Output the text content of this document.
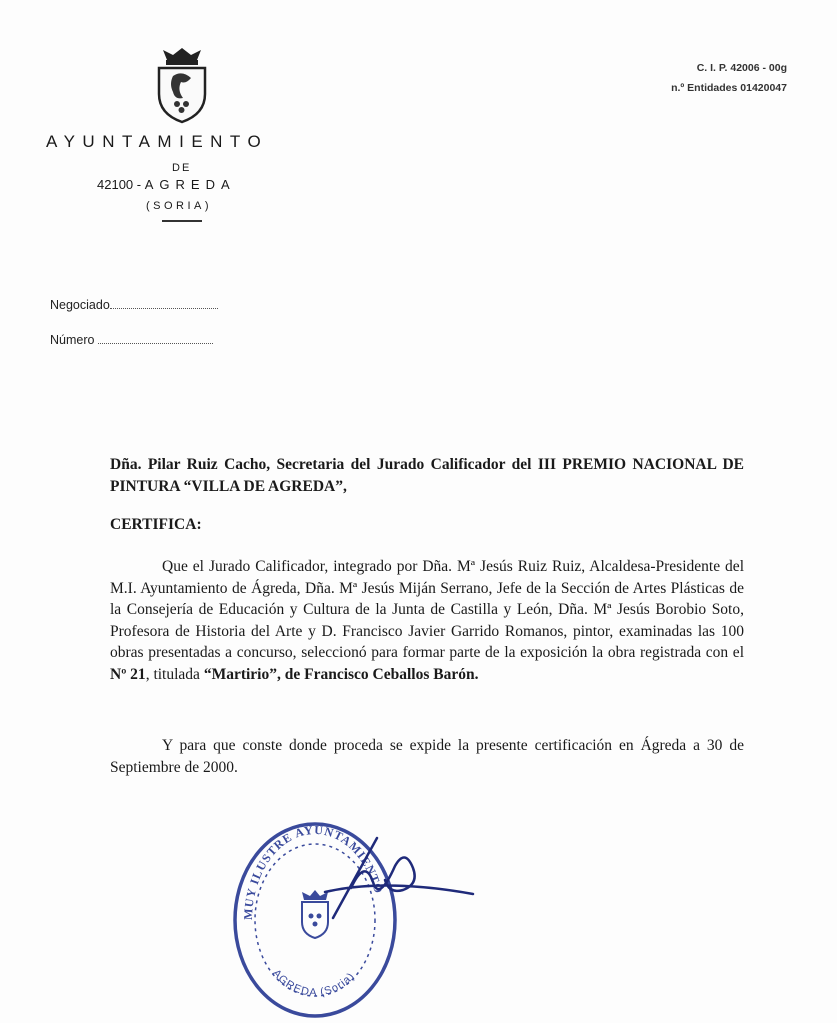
AYUNTAMIENTO
DE
42100 - AGREDA
(SORIA)
C. I. P. 42006 - 00g
n.º Entidades 01420047
Negociado
Número
Dña. Pilar Ruiz Cacho, Secretaria del Jurado Calificador del III PREMIO NACIONAL DE PINTURA “VILLA DE AGREDA”,
CERTIFICA:
Que el Jurado Calificador, integrado por Dña. Mª Jesús Ruiz Ruiz, Alcaldesa-Presidente del M.I. Ayuntamiento de Ágreda, Dña. Mª Jesús Miján Serrano, Jefe de la Sección de Artes Plásticas de la Consejería de Educación y Cultura de la Junta de Castilla y León, Dña. Mª Jesús Borobio Soto, Profesora de Historia del Arte y D. Francisco Javier Garrido Romanos, pintor, examinadas las 100 obras presentadas a concurso, seleccionó para formar parte de la exposición la obra registrada con el Nº 21, titulada “Martirio”, de Francisco Ceballos Barón.
Y para que conste donde proceda se expide la presente certificación en Ágreda a 30 de Septiembre de 2000.
MUY ILUSTRE AYUNTAMIENTO
AGREDA (Soria)
